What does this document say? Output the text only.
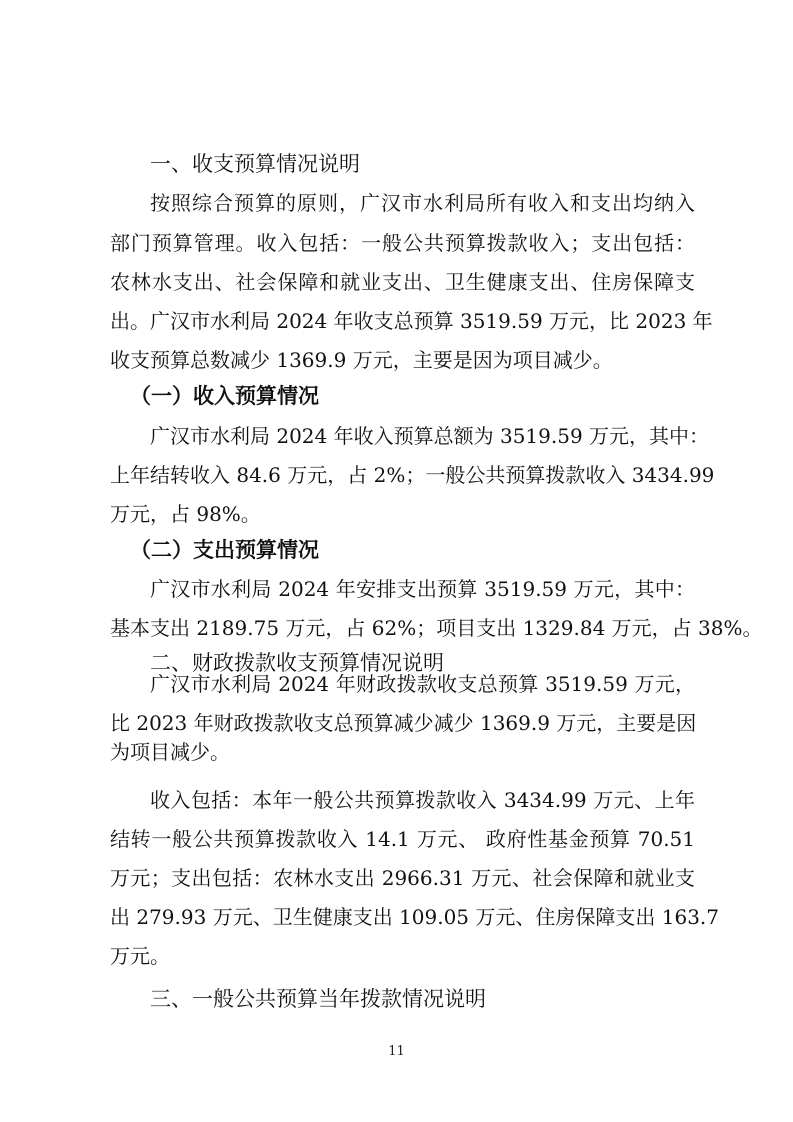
一、收支预算情况说明

按照综合预算的原则，广汉市水利局所有收入和支出均纳入

部门预算管理。收入包括：一般公共预算拨款收入；支出包括：

农林水支出、社会保障和就业支出、卫生健康支出、住房保障支

出。广汉市水利局 2024 年收支总预算 3519.59 万元，比 2023 年

收支预算总数减少 1369.9 万元，主要是因为项目减少。

（一）收入预算情况

广汉市水利局 2024 年收入预算总额为 3519.59 万元，其中：

上年结转收入 84.6 万元，占 2%；一般公共预算拨款收入 3434.99

万元，占 98%。

（二）支出预算情况

广汉市水利局 2024 年安排支出预算 3519.59 万元，其中：

基本支出 2189.75 万元，占 62%；项目支出 1329.84 万元，占 38%。

二、财政拨款收支预算情况说明

广汉市水利局 2024 年财政拨款收支总预算 3519.59 万元，

比 2023 年财政拨款收支总预算减少减少 1369.9 万元，主要是因

为项目减少。

收入包括：本年一般公共预算拨款收入 3434.99 万元、上年

结转一般公共预算拨款收入 14.1 万元、 政府性基金预算 70.51

万元；支出包括：农林水支出 2966.31 万元、社会保障和就业支

出 279.93 万元、卫生健康支出 109.05 万元、住房保障支出 163.7

万元。

三、一般公共预算当年拨款情况说明
11
